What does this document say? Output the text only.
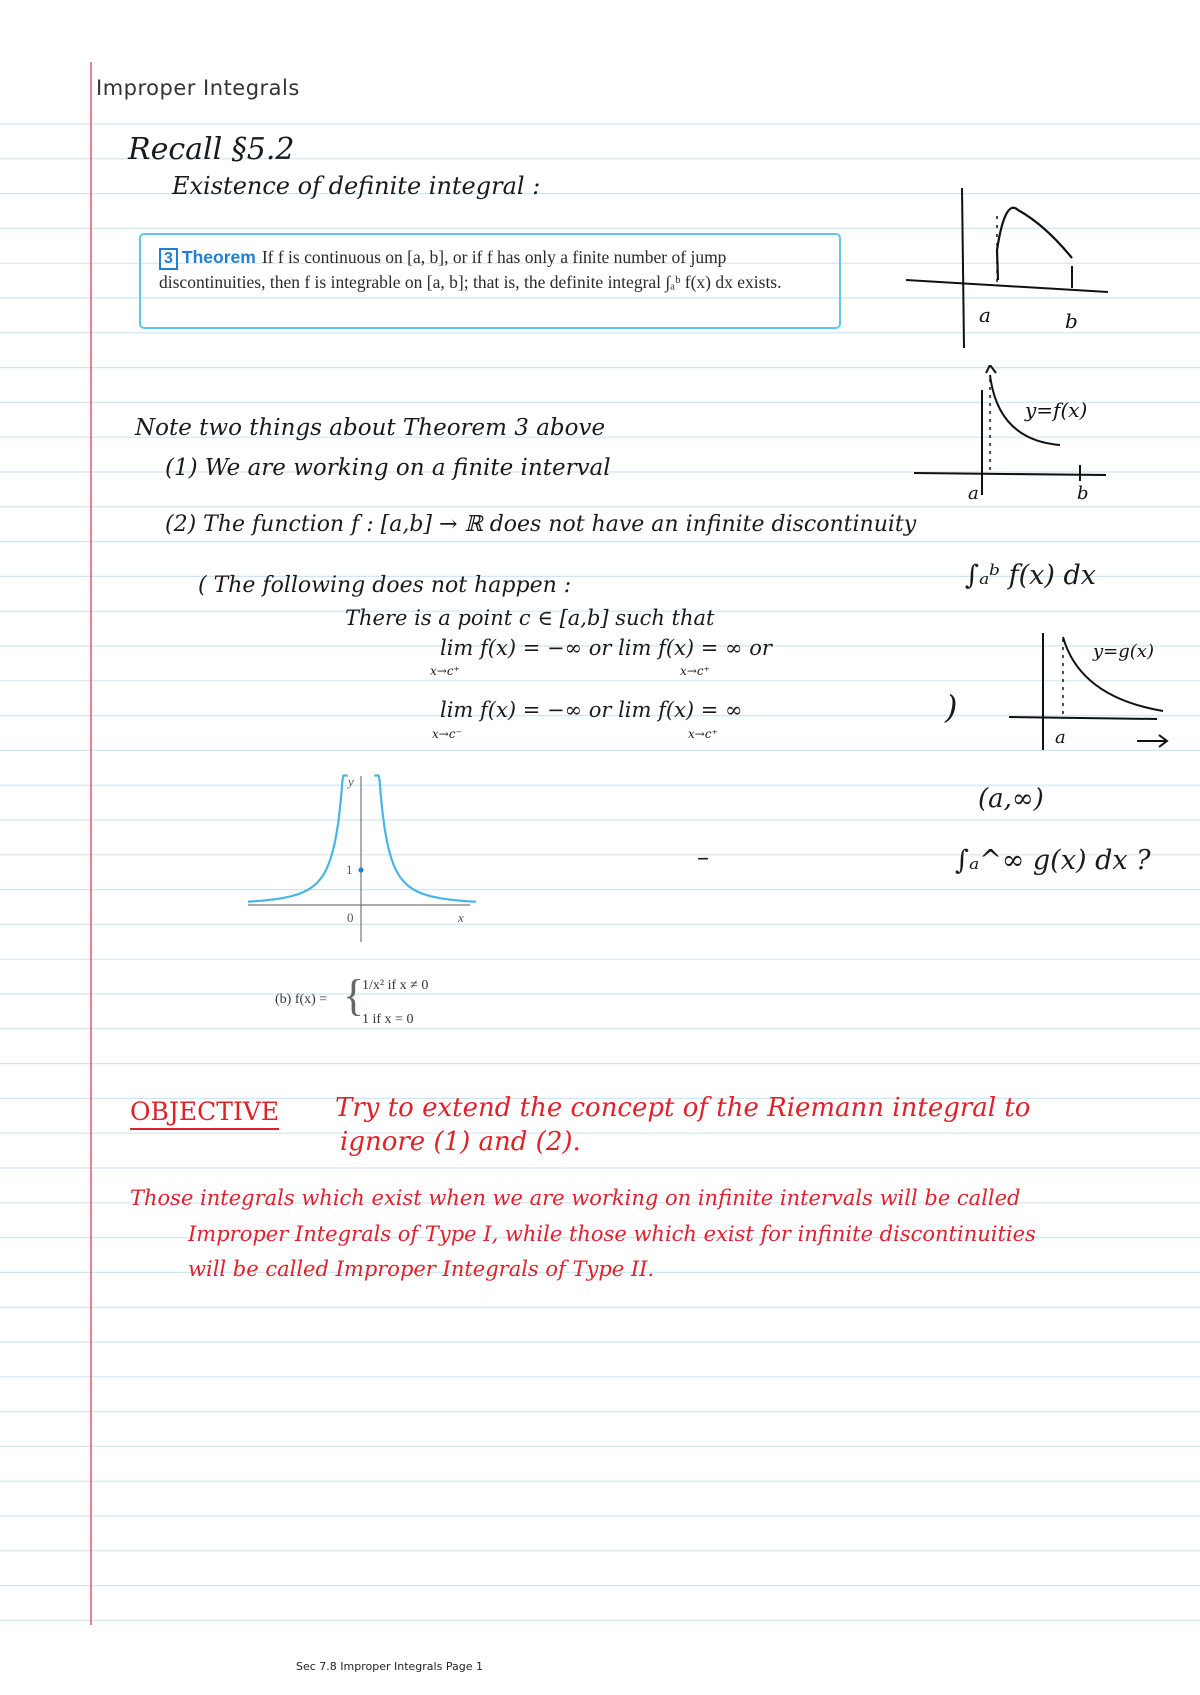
Improper Integrals
Recall §5.2
Existence of definite integral :
3 Theorem If f is continuous on [a, b], or if f has only a finite number of jump discontinuities, then f is integrable on [a, b]; that is, the definite integral ∫ₐᵇ f(x) dx exists.
a	b
Note two things about Theorem 3 above
(1) We are working on a finite interval
(2) The function f : [a,b] → ℝ does not have an infinite discontinuity
y=f(x)
a	b
∫ₐᵇ f(x) dx
( The following does not happen :
There is a point c ∈ [a,b] such that
lim f(x) = −∞ or lim f(x) = ∞ or
x→c⁺	x→c⁺
lim f(x) = −∞ or lim f(x) = ∞
x→c⁻	x→c⁺
)
y=g(x)
a
(a,∞)
∫ₐ^∞ g(x) dx ?
–
y
x
1
0
(b) f(x) = {
1/x² if x ≠ 0
1 if x = 0
OBJECTIVE Try to extend the concept of the Riemann integral to
ignore (1) and (2).
Those integrals which exist when we are working on infinite intervals will be called
Improper Integrals of Type I, while those which exist for infinite discontinuities
will be called Improper Integrals of Type II.
Sec 7.8 Improper Integrals Page 1
